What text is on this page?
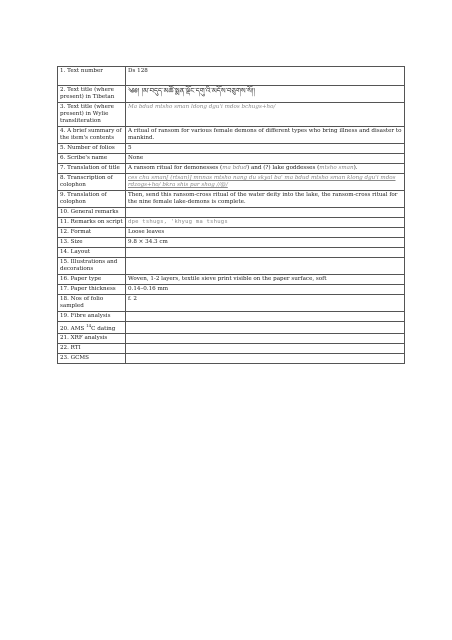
1. Text number	Ds 128
2. Text title (where present) in Tibetan	༄༅། །མ་བདུད་མཚོ་སྨན་ལྡོང་དགུ་འི་མདོས་བཅུགས་སོ།།
3. Text title (where present) in Wylie transliteration	Ma bdud mtsho sman ldong dgu'i mdos bchugs+ho/
4. A brief summary of the item's contents	A ritual of ransom for various female demons of different types who bring illness and disaster to mankind.
5. Number of folios	5
6. Scribe's name	None
7. Translation of title	A ransom ritual for demonesses (ma bdud) and (?) lake goddesses (mtsho sman).
8. Transcription of colophon	ces chu sman[ (rtsan)] mnnas mtsho nang du skyal ba' ma bdud mtsho sman klong dgu'i mdos rdzogs+ho/ bkra shis par shog //@/
9. Translation of colophon	Then, send this ransom-cross ritual of the water deity into the lake, the ransom-cross ritual for the nine female lake-demons is complete.
10. General remarks	
11. Remarks on script	dpe tshugs, 'khyug ma tshugs
12. Format	Loose leaves
13. Size	9.8 × 34.3 cm
14. Layout	
15. Illustrations and decorations	
16. Paper type	Woven, 1-2 layers, textile sieve print visible on the paper surface, soft
17. Paper thickness	0.14–0.16 mm
18. Nos of folio sampled	f. 2
19. Fibre analysis	
20. AMS $^{14}$C dating	
21. XRF analysis	
22. RTI	
23. GCMS	
